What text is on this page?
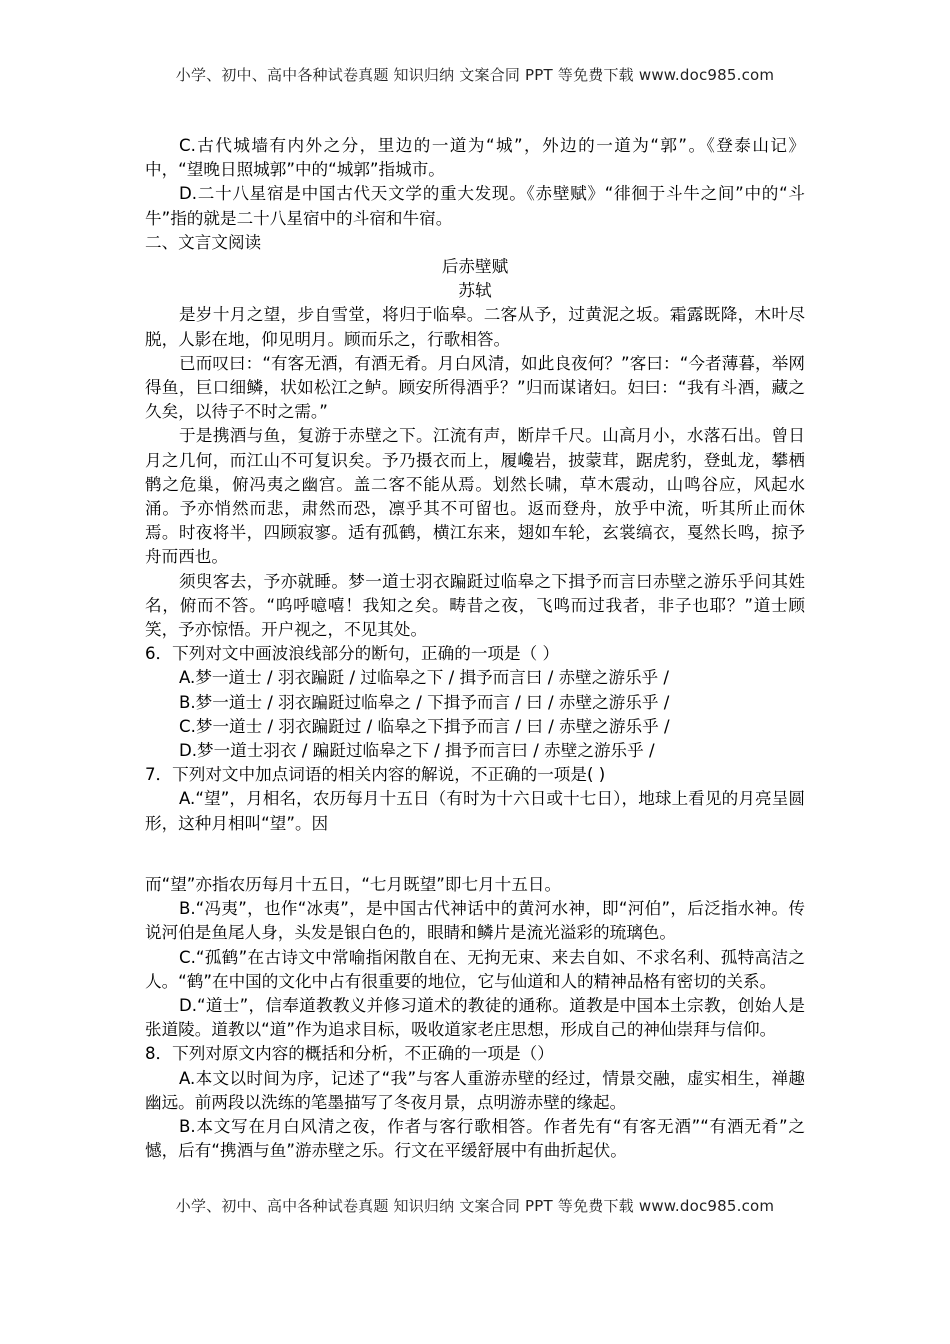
小学、初中、高中各种试卷真题 知识归纳 文案合同 PPT 等免费下载 www.doc985.com

C.古代城墙有内外之分，里边的一道为“城”，外边的一道为“郭”。《登泰山记》中，“望晚日照城郭”中的“城郭”指城市。

D.二十八星宿是中国古代天文学的重大发现。《赤壁赋》“徘徊于斗牛之间”中的“斗牛”指的就是二十八星宿中的斗宿和牛宿。

二、文言文阅读

后赤壁赋

苏轼

是岁十月之望，步自雪堂，将归于临皋。二客从予，过黄泥之坂。霜露既降，木叶尽脱，人影在地，仰见明月。顾而乐之，行歌相答。

已而叹曰：“有客无酒，有酒无肴。月白风清，如此良夜何？”客曰：“今者薄暮，举网得鱼，巨口细鳞，状如松江之鲈。顾安所得酒乎？”归而谋诸妇。妇曰：“我有斗酒，藏之久矣，以待子不时之需。”

于是携酒与鱼，复游于赤壁之下。江流有声，断岸千尺。山高月小，水落石出。曾日月之几何，而江山不可复识矣。予乃摄衣而上，履巉岩，披蒙茸，踞虎豹，登虬龙，攀栖鹘之危巢，俯冯夷之幽宫。盖二客不能从焉。划然长啸，草木震动，山鸣谷应，风起水涌。予亦悄然而悲，肃然而恐，凛乎其不可留也。返而登舟，放乎中流，听其所止而休焉。时夜将半，四顾寂寥。适有孤鹤，横江东来，翅如车轮，玄裳缟衣，戛然长鸣，掠予舟而西也。

须臾客去，予亦就睡。梦一道士羽衣蹁跹过临皋之下揖予而言曰赤壁之游乐乎问其姓名，俯而不答。“呜呼噫嘻！我知之矣。畴昔之夜，飞鸣而过我者，非子也耶？”道士顾笑，予亦惊悟。开户视之，不见其处。

6．下列对文中画波浪线部分的断句，正确的一项是（ ）

A.梦一道士 / 羽衣蹁跹 / 过临皋之下 / 揖予而言曰 / 赤壁之游乐乎 /

B.梦一道士 / 羽衣蹁跹过临皋之 / 下揖予而言 / 曰 / 赤壁之游乐乎 /

C.梦一道士 / 羽衣蹁跹过 / 临皋之下揖予而言 / 曰 / 赤壁之游乐乎 /

D.梦一道士羽衣 / 蹁跹过临皋之下 / 揖予而言曰 / 赤壁之游乐乎 /

7．下列对文中加点词语的相关内容的解说，不正确的一项是( )

A.“望”，月相名，农历每月十五日（有时为十六日或十七日），地球上看见的月亮呈圆形，这种月相叫“望”。因

而“望”亦指农历每月十五日，“七月既望”即七月十五日。

B.“冯夷”，也作“冰夷”，是中国古代神话中的黄河水神，即“河伯”，后泛指水神。传说河伯是鱼尾人身，头发是银白色的，眼睛和鳞片是流光溢彩的琉璃色。

C.“孤鹤”在古诗文中常喻指闲散自在、无拘无束、来去自如、不求名利、孤特高洁之人。“鹤”在中国的文化中占有很重要的地位，它与仙道和人的精神品格有密切的关系。

D.“道士”，信奉道教教义并修习道术的教徒的通称。道教是中国本土宗教，创始人是张道陵。道教以“道”作为追求目标，吸收道家老庄思想，形成自己的神仙崇拜与信仰。

8．下列对原文内容的概括和分析，不正确的一项是（）

A.本文以时间为序，记述了“我”与客人重游赤壁的经过，情景交融，虚实相生，禅趣幽远。前两段以洗练的笔墨描写了冬夜月景，点明游赤壁的缘起。

B.本文写在月白风清之夜，作者与客行歌相答。作者先有“有客无酒”“有酒无肴”之憾，后有“携酒与鱼”游赤壁之乐。行文在平缓舒展中有曲折起伏。

小学、初中、高中各种试卷真题 知识归纳 文案合同 PPT 等免费下载 www.doc985.com
